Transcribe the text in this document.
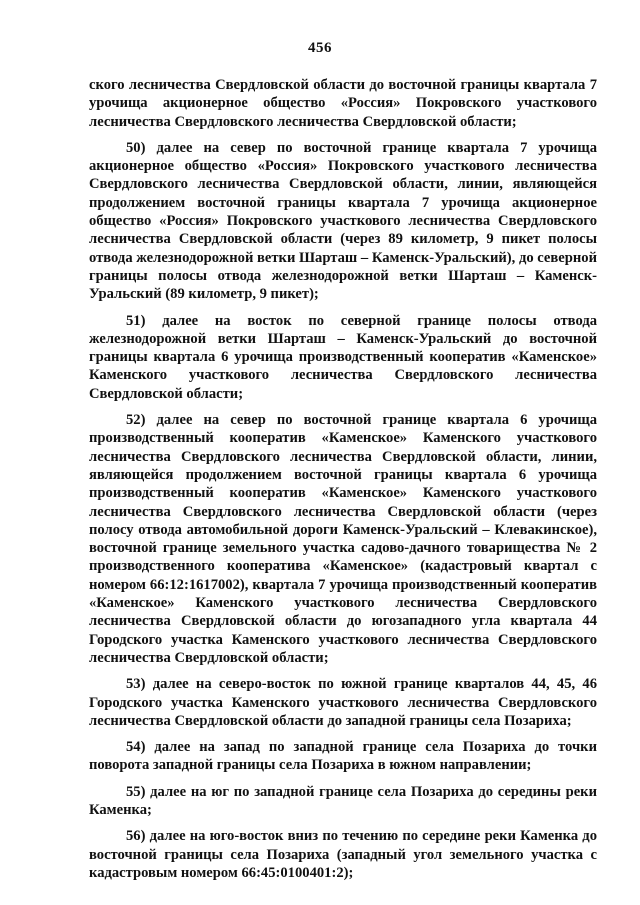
456

ского лесничества Свердловской области до восточной границы квартала 7 урочища акционерное общество «Россия» Покровского участкового лесничества Свердловского лесничества Свердловской области;

50) далее на север по восточной границе квартала 7 урочища акционерное общество «Россия» Покровского участкового лесничества Свердловского лесничества Свердловской области, линии, являющейся продолжением восточной границы квартала 7 урочища акционерное общество «Россия» Покровского участкового лесничества Свердловского лесничества Свердловской области (через 89 километр, 9 пикет полосы отвода железнодорожной ветки Шарташ – Каменск-Уральский), до северной границы полосы отвода железнодорожной ветки Шарташ – Каменск-Уральский (89 километр, 9 пикет);

51) далее на восток по северной границе полосы отвода железнодорожной ветки Шарташ – Каменск-Уральский до восточной границы квартала 6 урочища производственный кооператив «Каменское» Каменского участкового лесничества Свердловского лесничества Свердловской области;

52) далее на север по восточной границе квартала 6 урочища производственный кооператив «Каменское» Каменского участкового лесничества Свердловского лесничества Свердловской области, линии, являющейся продолжением восточной границы квартала 6 урочища производственный кооператив «Каменское» Каменского участкового лесничества Свердловского лесничества Свердловской области (через полосу отвода автомобильной дороги Каменск-Уральский – Клевакинское), восточной границе земельного участка садово-дачного товарищества № 2 производственного кооператива «Каменское» (кадастровый квартал с номером 66:12:1617002), квартала 7 урочища производственный кооператив «Каменское» Каменского участкового лесничества Свердловского лесничества Свердловской области до югозападного угла квартала 44 Городского участка Каменского участкового лесничества Свердловского лесничества Свердловской области;

53) далее на северо-восток по южной границе кварталов 44, 45, 46 Городского участка Каменского участкового лесничества Свердловского лесничества Свердловской области до западной границы села Позариха;

54) далее на запад по западной границе села Позариха до точки поворота западной границы села Позариха в южном направлении;

55) далее на юг по западной границе села Позариха до середины реки Каменка;

56) далее на юго-восток вниз по течению по середине реки Каменка до восточной границы села Позариха (западный угол земельного участка с кадастровым номером 66:45:0100401:2);
